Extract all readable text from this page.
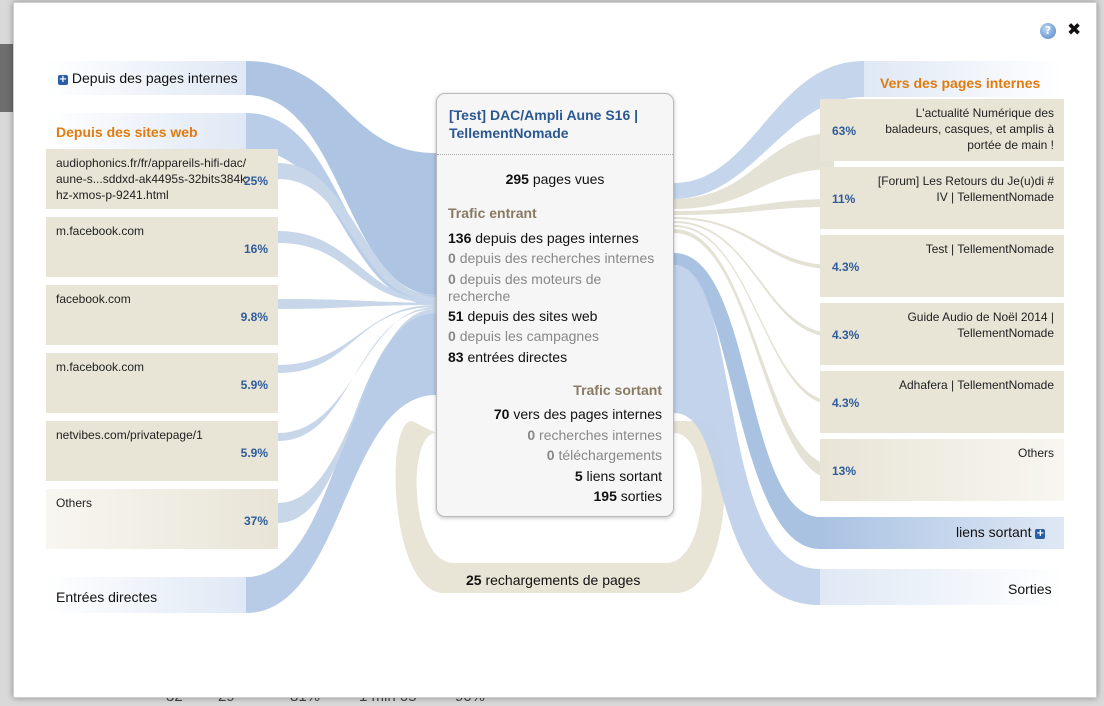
? ✖
+ Depuis des pages internes
Depuis des sites web
audiophonics.fr/fr/appareils-hifi-dac/aune-s...sddxd-ak4495s-32bits384khz-xmos-p-9241.html
25%
m.facebook.com
16%
facebook.com
9.8%
m.facebook.com
5.9%
netvibes.com/privatepage/1
5.9%
Others
37%
Entrées directes
Vers des pages internes
63%
L'actualité Numérique des baladeurs, casques, et amplis à portée de main !
11%
[Forum] Les Retours du Je(u)di # IV | TellementNomade
4.3%
Test | TellementNomade
4.3%
Guide Audio de Noël 2014 | TellementNomade
4.3%
Adhafera | TellementNomade
13%
Others
liens sortant +
Sorties
25 rechargements de pages
[Test] DAC/Ampli Aune S16 | TellementNomade
295 pages vues
Trafic entrant
136 depuis des pages internes
0 depuis des recherches internes
0 depuis des moteurs de recherche
51 depuis des sites web
0 depuis les campagnes
83 entrées directes
Trafic sortant
70 vers des pages internes
0 recherches internes
0 téléchargements
5 liens sortant
195 sorties
